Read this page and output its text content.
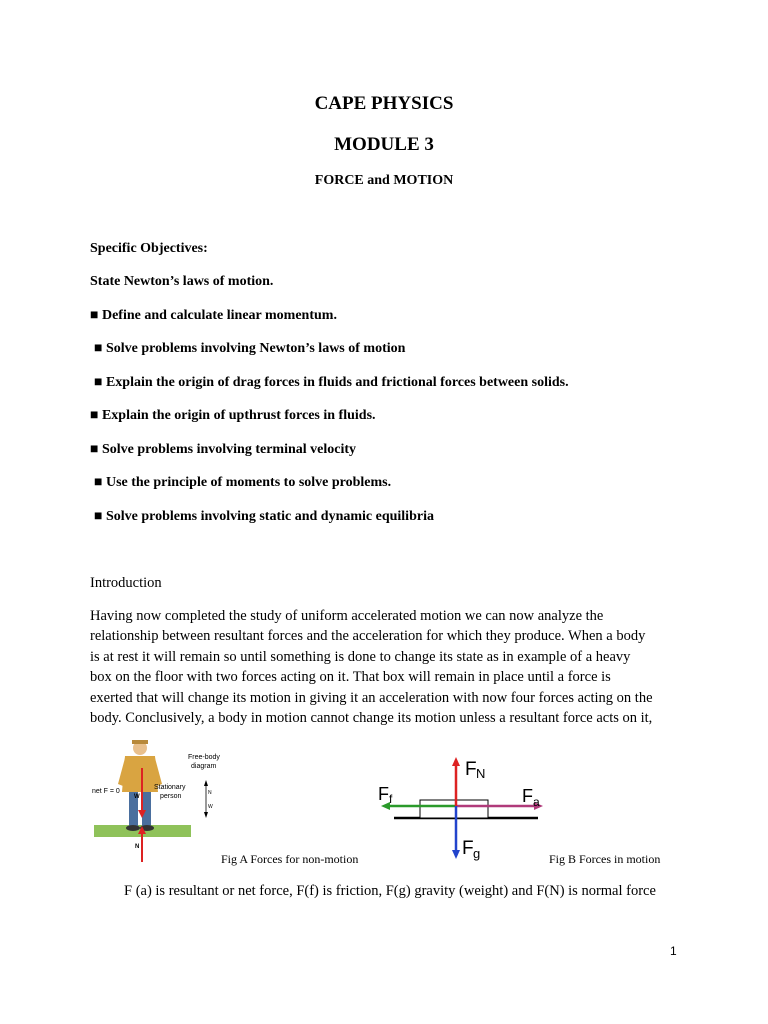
CAPE PHYSICS
MODULE 3
FORCE and MOTION
Specific Objectives:
State Newton’s laws of motion.
■ Define and calculate linear momentum.
■ Solve problems involving Newton’s laws of motion
■ Explain the origin of drag forces in fluids and frictional forces between solids.
■ Explain the origin of upthrust forces in fluids.
■ Solve problems involving terminal velocity
■ Use the principle of moments to solve problems.
■ Solve problems involving static and dynamic equilibria
Introduction
Having now completed the study of uniform accelerated motion we can now analyze the
relationship between resultant forces and the acceleration for which they produce. When a body
is at rest it will remain so until something is done to change its state as in example of a heavy
box on the floor with two forces acting on it. That box will remain in place until a force is
exerted that will change its motion in giving it an acceleration with now four forces acting on the
body. Conclusively, a body in motion cannot change its motion unless a resultant force acts on it,
Free-body
diagram
net F = 0
Stationary
person
W
N
N
W
Fig A Forces for non-motion
F N
F f	F a
F g	Fig B Forces in motion
F (a) is resultant or net force, F(f) is friction, F(g) gravity (weight) and F(N) is normal force
1
